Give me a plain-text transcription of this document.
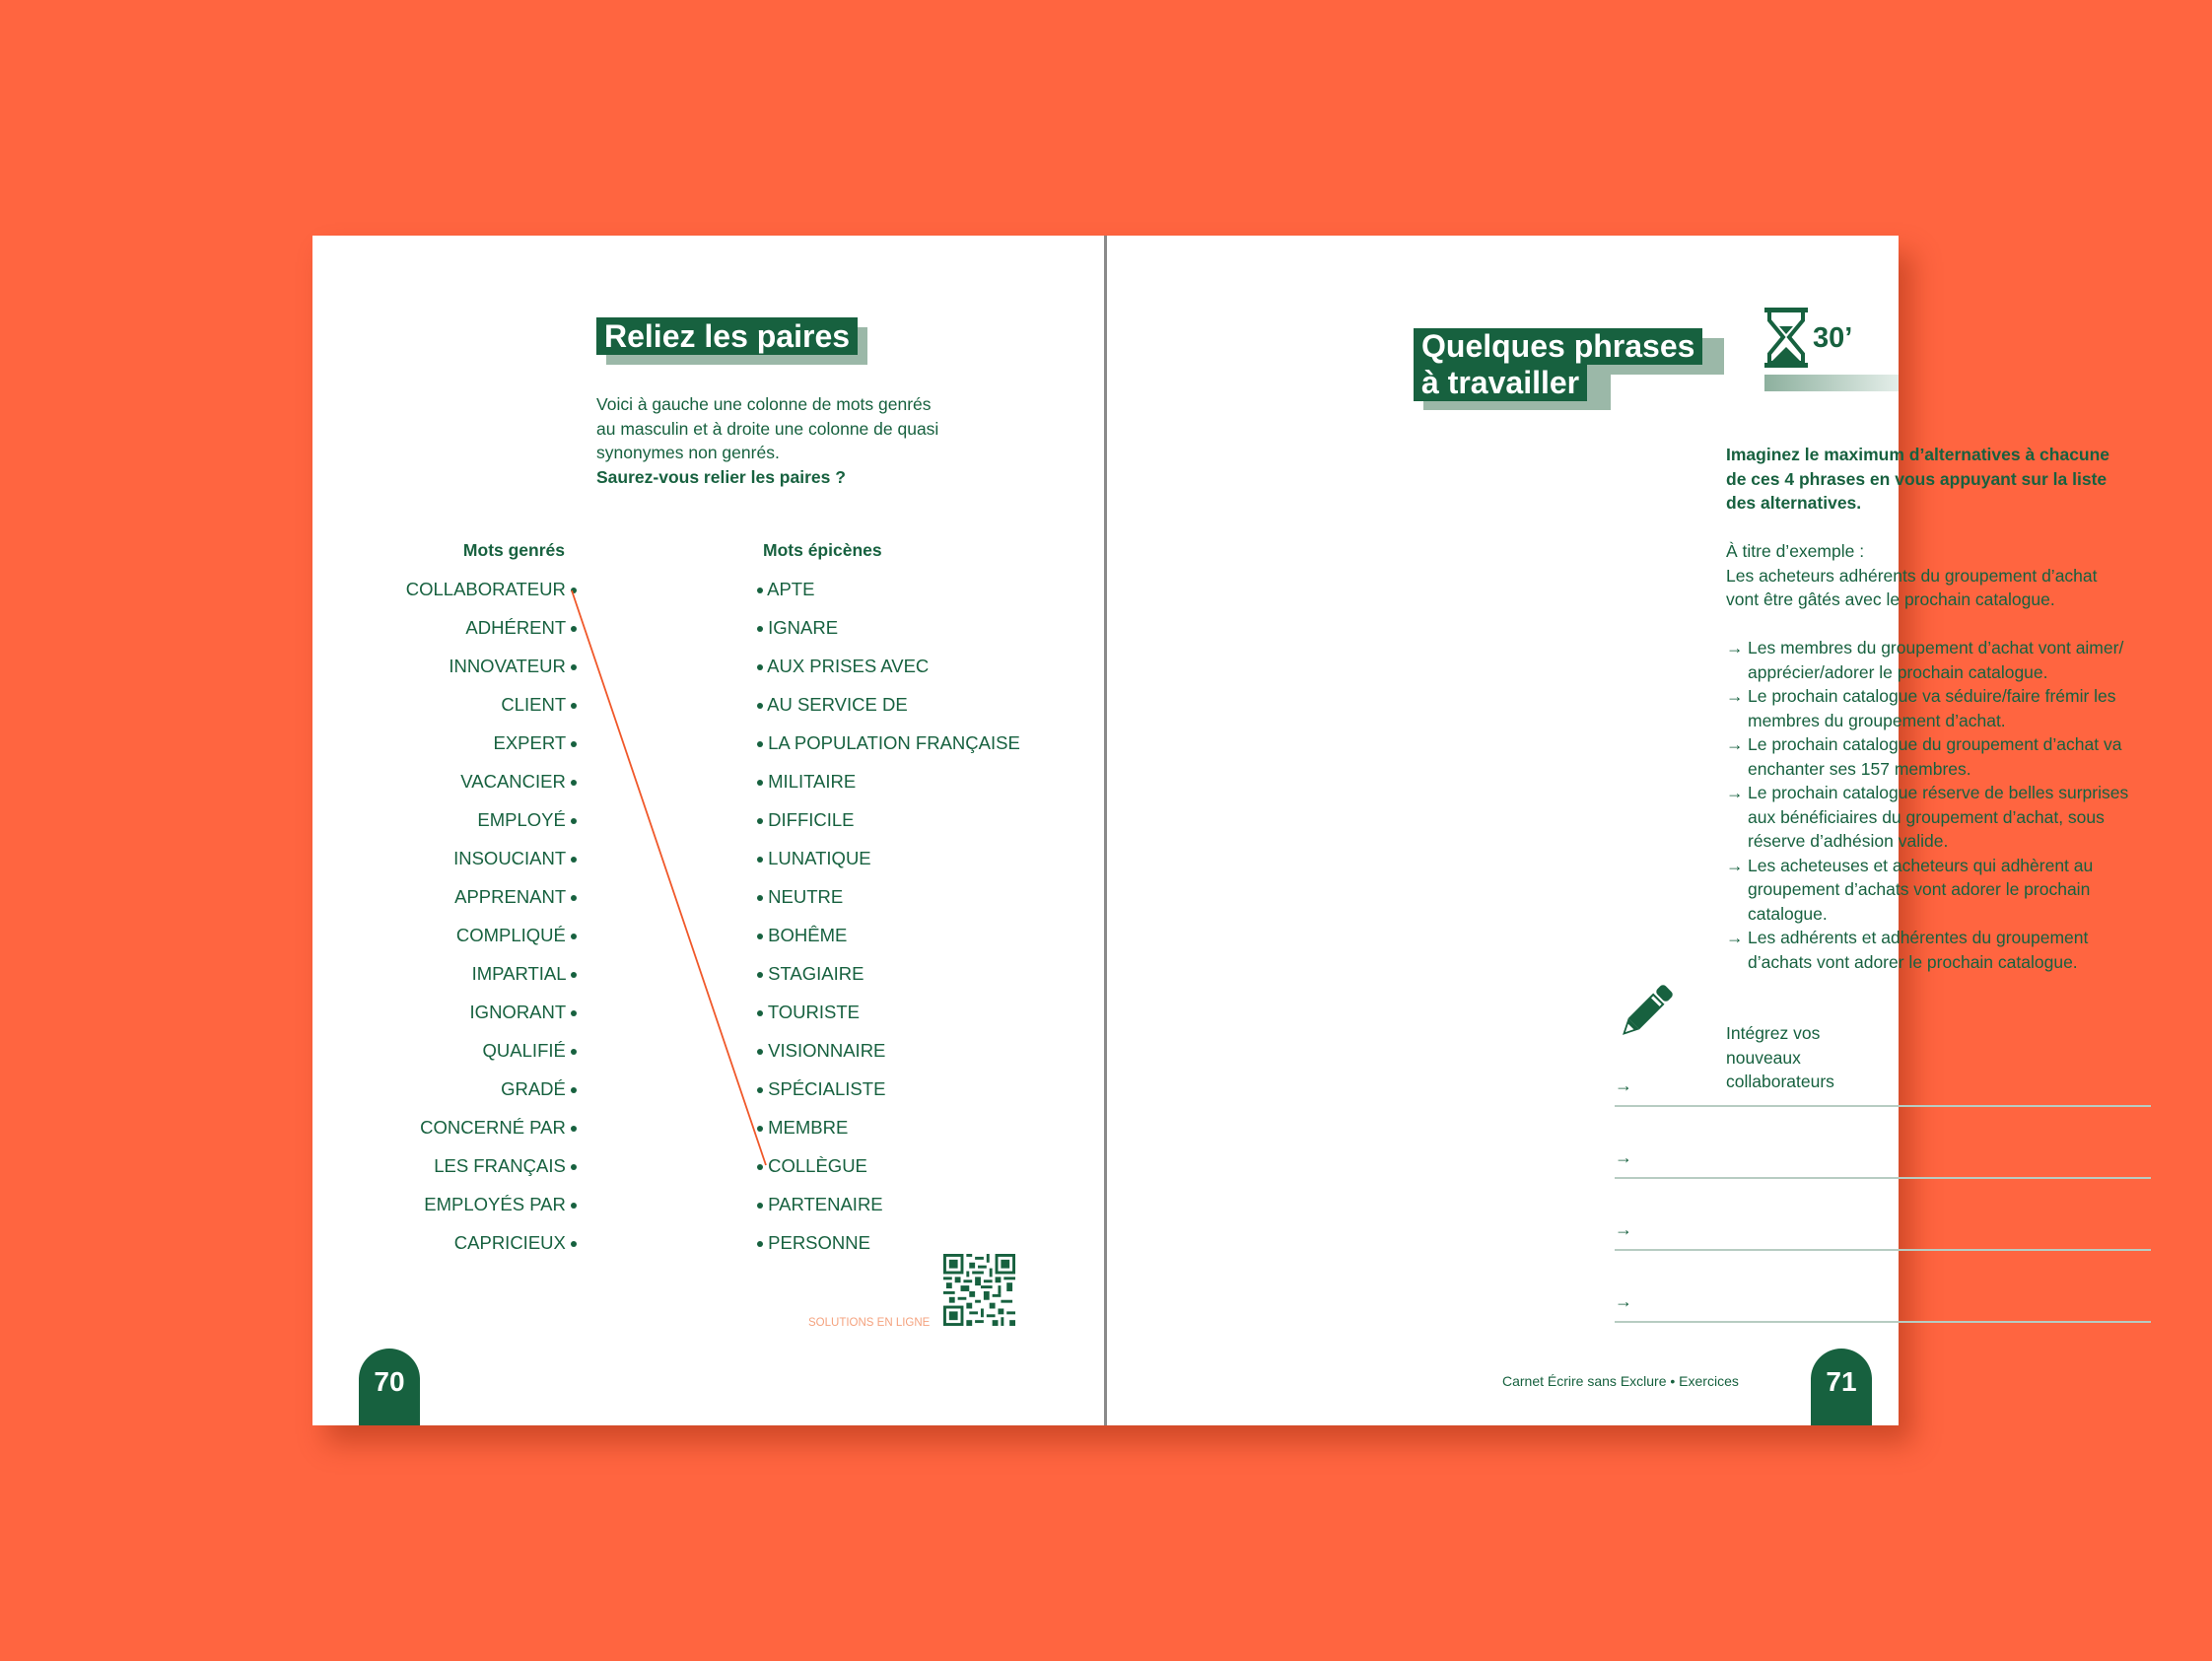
Reliez les paires
Voici à gauche une colonne de mots genrés
au masculin et à droite une colonne de quasi
synonymes non genrés.
Saurez-vous relier les paires ?
Mots genrés	Mots épicènes
COLLABORATEUR
ADHÉRENT
INNOVATEUR
CLIENT
EXPERT
VACANCIER
EMPLOYÉ
INSOUCIANT
APPRENANT
COMPLIQUÉ
IMPARTIAL
IGNORANT
QUALIFIÉ
GRADÉ
CONCERNÉ PAR
LES FRANÇAIS
EMPLOYÉS PAR
CAPRICIEUX
APTE
IGNARE
AUX PRISES AVEC
AU SERVICE DE
LA POPULATION FRANÇAISE
MILITAIRE
DIFFICILE
LUNATIQUE
NEUTRE
BOHÊME
STAGIAIRE
TOURISTE
VISIONNAIRE
SPÉCIALISTE
MEMBRE
COLLÈGUE
PARTENAIRE
PERSONNE
SOLUTIONS EN LIGNE
70
Quelques phrases
à travailler
30’
Imaginez le maximum d’alternatives à chacune
de ces 4 phrases en vous appuyant sur la liste
des alternatives.
À titre d’exemple :
Les acheteurs adhérents du groupement d’achat
vont être gâtés avec le prochain catalogue.
→ Les membres du groupement d’achat vont aimer/
apprécier/adorer le prochain catalogue.
→ Le prochain catalogue va séduire/faire frémir les
membres du groupement d’achat.
→ Le prochain catalogue du groupement d’achat va
enchanter ses 157 membres.
→ Le prochain catalogue réserve de belles surprises
aux bénéficiaires du groupement d’achat, sous
réserve d’adhésion valide.
→ Les acheteuses et acheteurs qui adhèrent au
groupement d’achats vont adorer le prochain
catalogue.
→ Les adhérents et adhérentes du groupement
d’achats vont adorer le prochain catalogue.
Intégrez vos nouveaux collaborateurs
→
→
→
→
Carnet Écrire sans Exclure • Exercices	71
